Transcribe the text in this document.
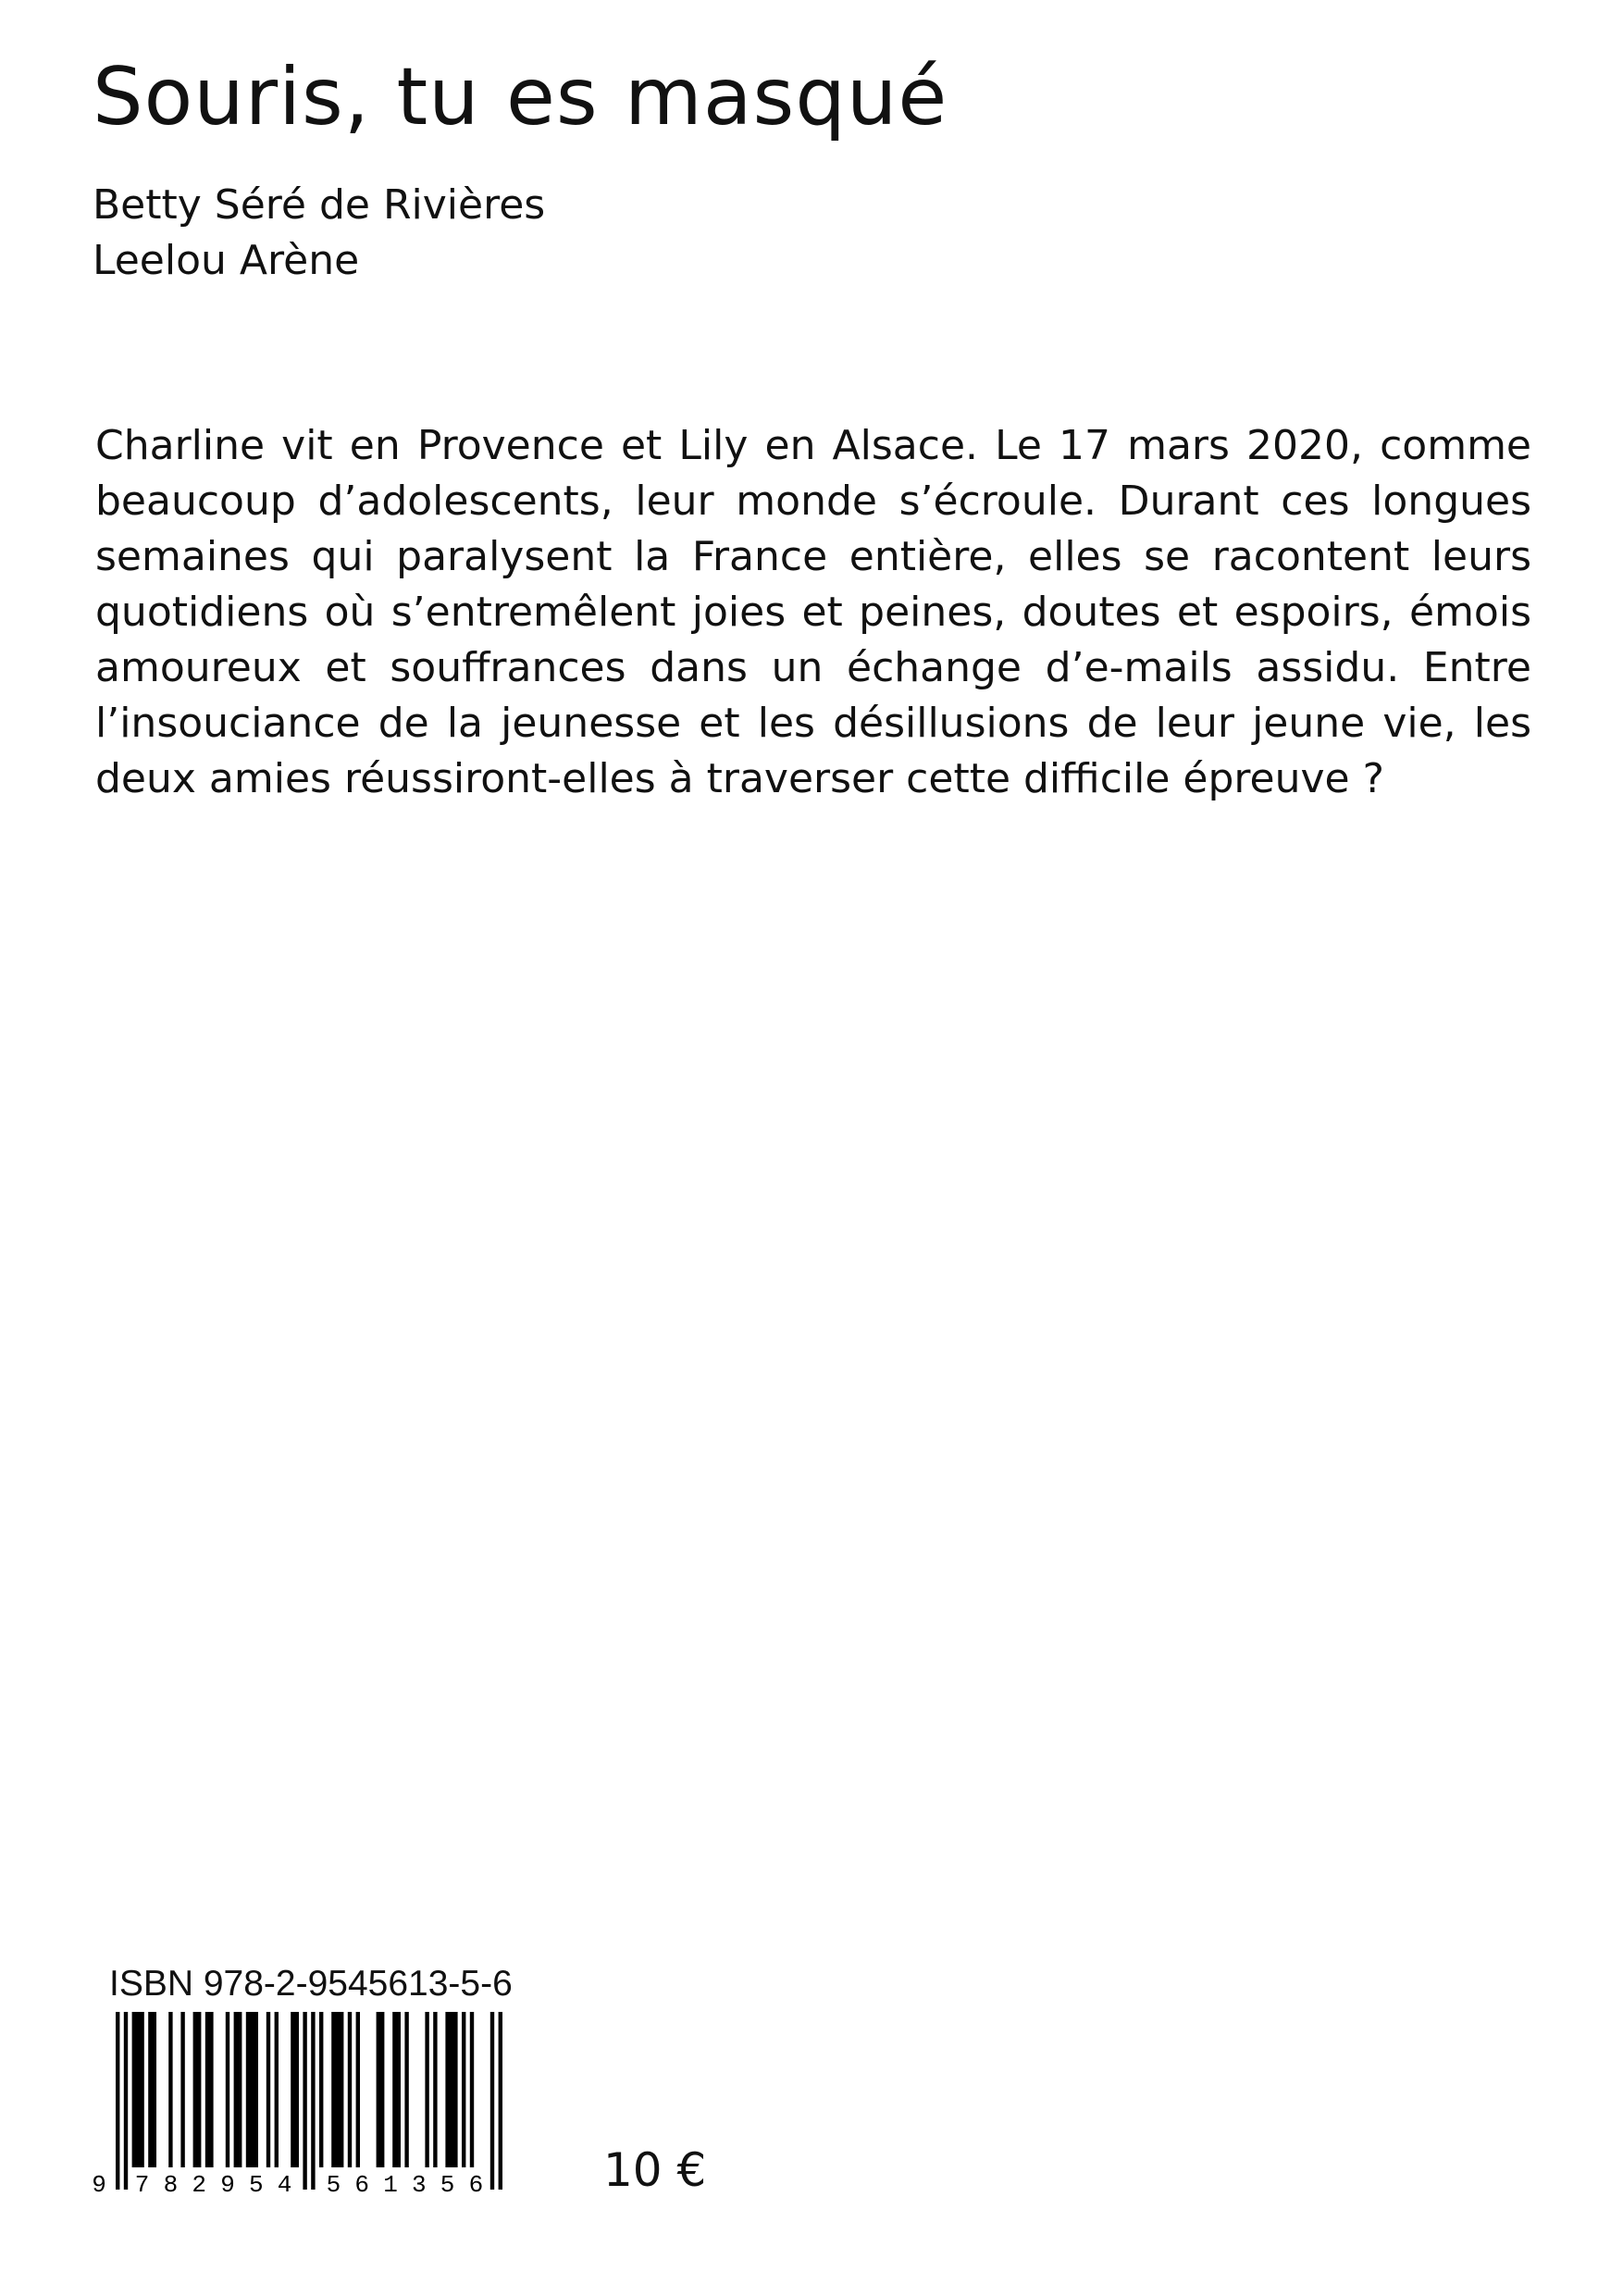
Souris, tu es masqué
Betty Séré de Rivières
Leelou Arène

Charline vit en Provence et Lily en Alsace. Le 17 mars 2020, comme beaucoup d’adolescents, leur monde s’écroule. Durant ces longues semaines qui paralysent la France entière, elles se racontent leurs quotidiens où s’entremêlent joies et peines, doutes et espoirs, émois amoureux et souffrances dans un échange d’e-mails assidu. Entre l’insouciance de la jeunesse et les désillusions de leur jeune vie, les deux amies réussiront-elles à traverser cette difficile épreuve ?

ISBN 978-2-9545613-5-6
9 7 8 2 9 5 4 5 6 1 3 5 6	10 €
